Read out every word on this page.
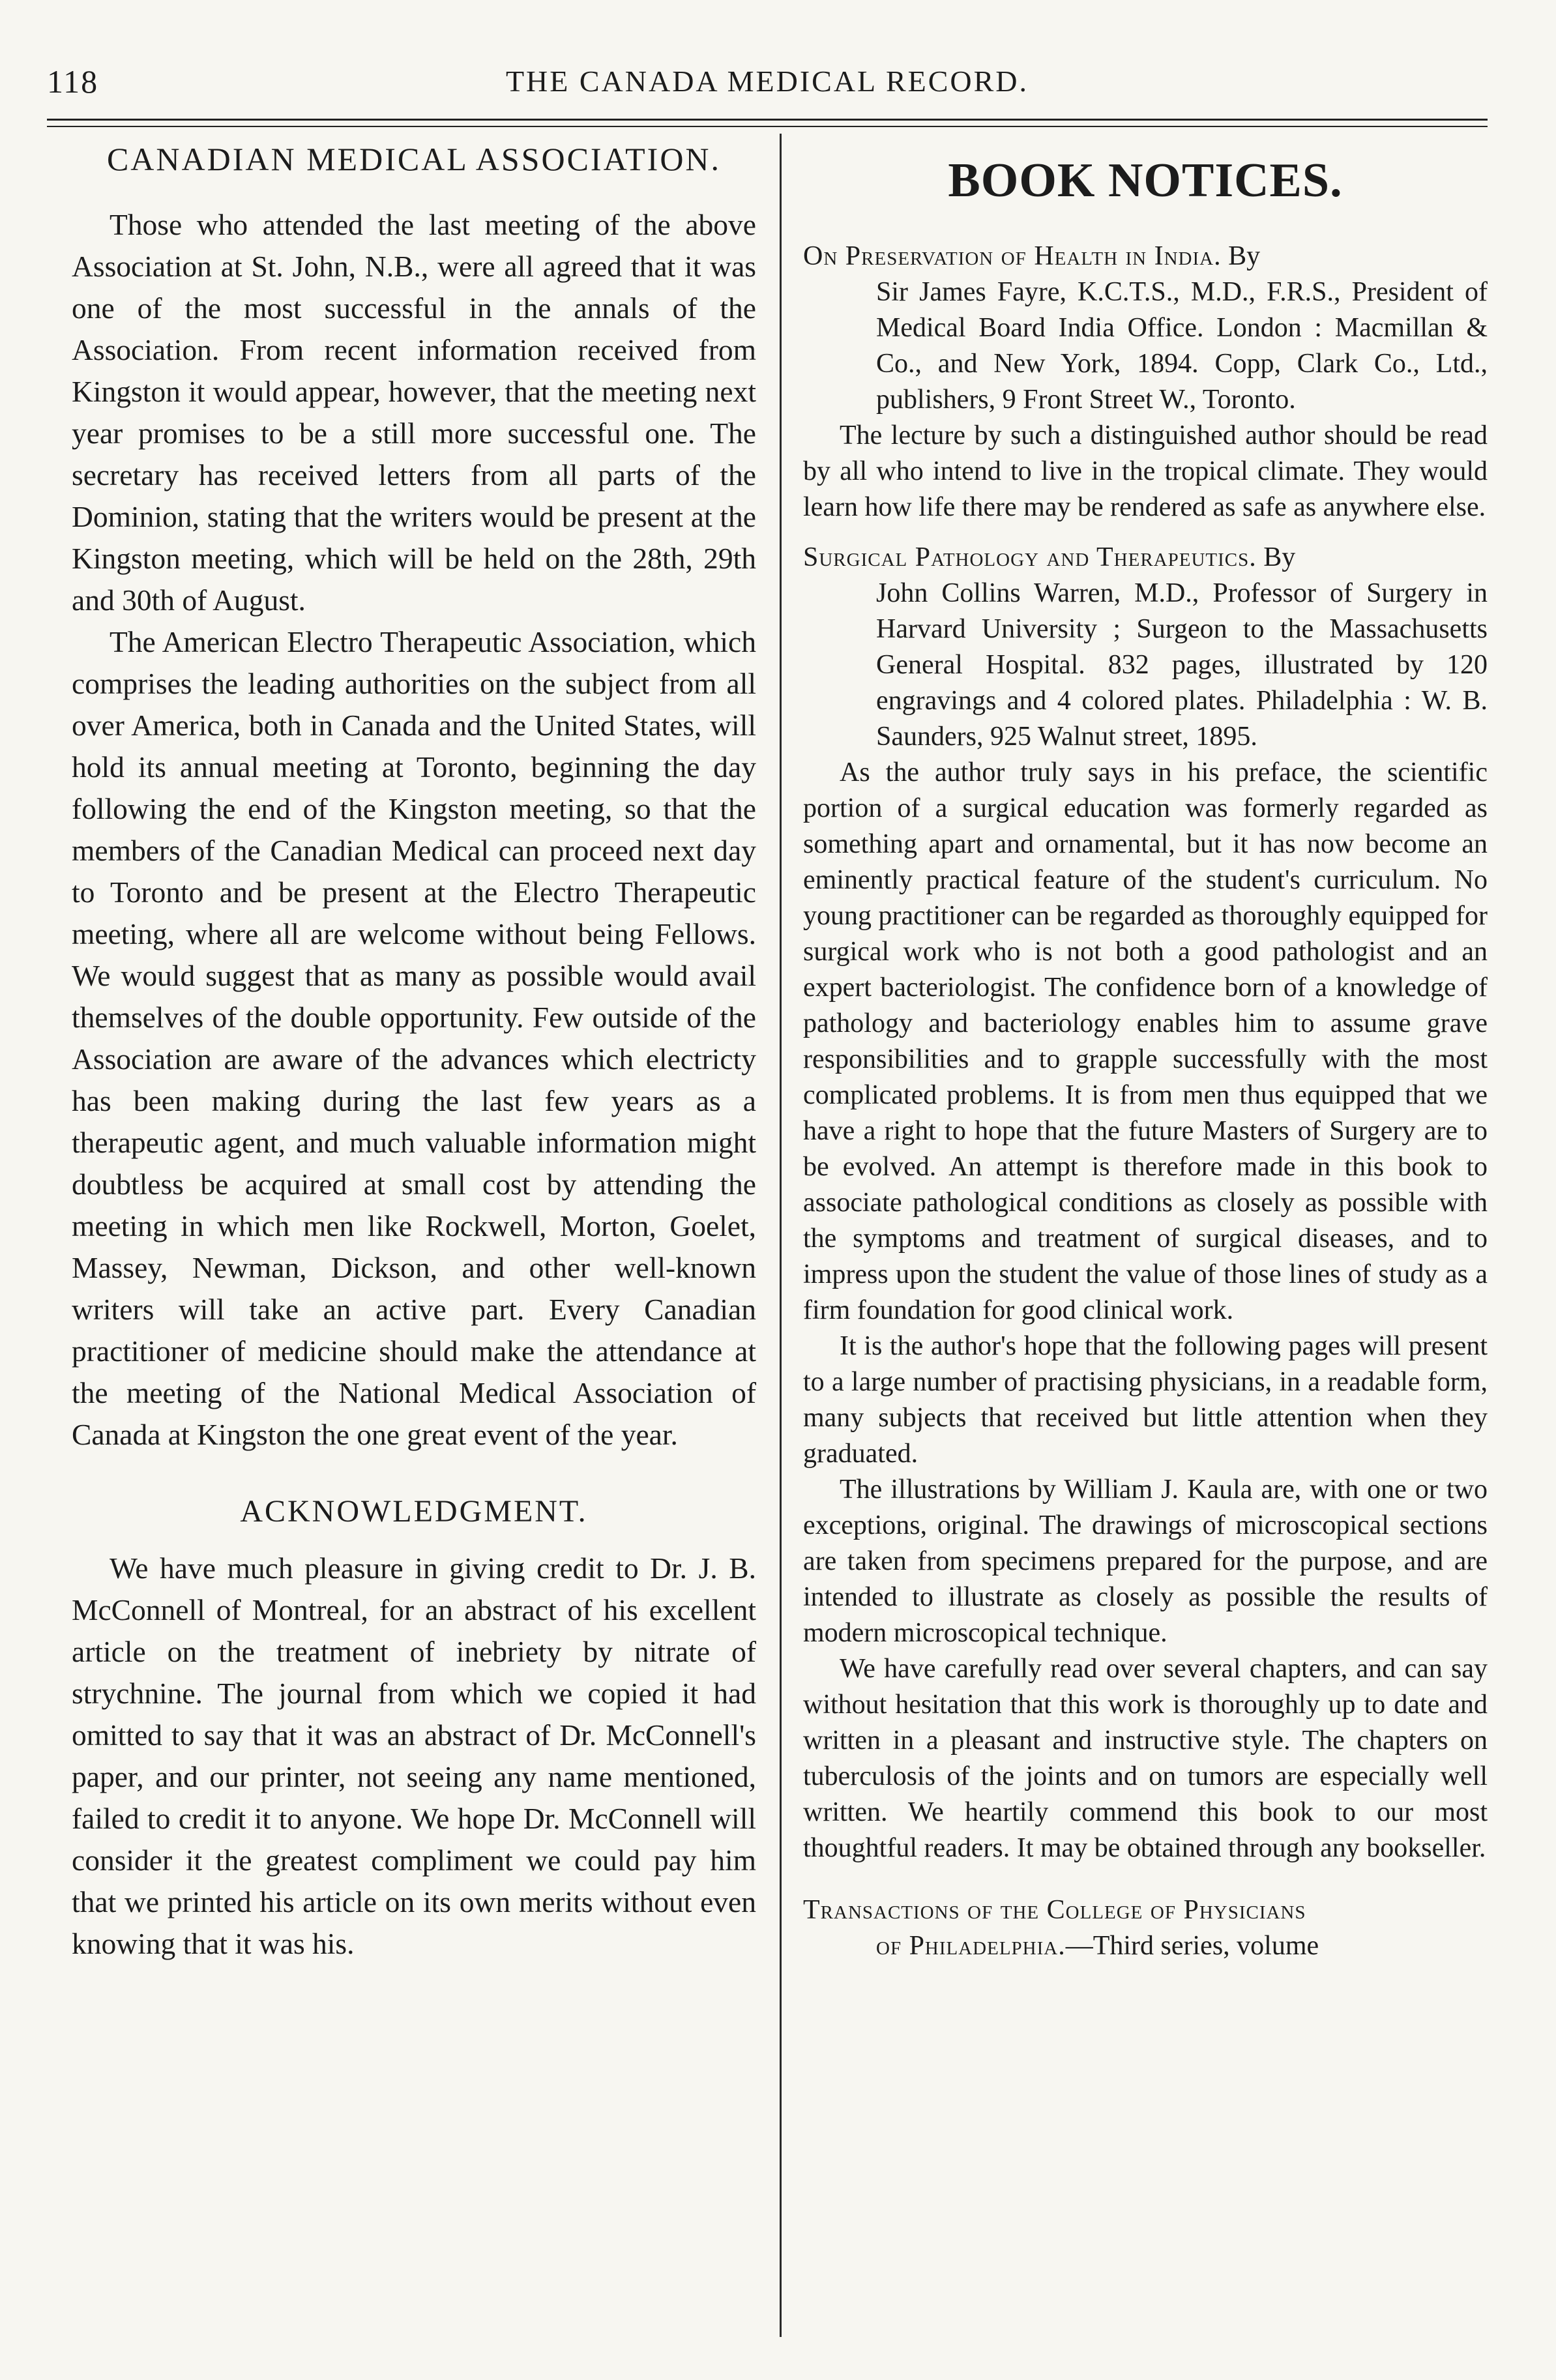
118	THE CANADA MEDICAL RECORD.
CANADIAN MEDICAL ASSOCIATION.

Those who attended the last meeting of the above Association at St. John, N.B., were all agreed that it was one of the most successful in the annals of the Association. From recent information received from Kingston it would appear, however, that the meeting next year promises to be a still more successful one. The secretary has received letters from all parts of the Dominion, stating that the writers would be present at the Kingston meeting, which will be held on the 28th, 29th and 30th of August.

The American Electro Therapeutic Association, which comprises the leading authorities on the subject from all over America, both in Canada and the United States, will hold its annual meeting at Toronto, beginning the day following the end of the Kingston meeting, so that the members of the Canadian Medical can proceed next day to Toronto and be present at the Electro Therapeutic meeting, where all are welcome without being Fellows. We would suggest that as many as possible would avail themselves of the double opportunity. Few outside of the Association are aware of the advances which electricty has been making during the last few years as a therapeutic agent, and much valuable information might doubtless be acquired at small cost by attending the meeting in which men like Rockwell, Morton, Goelet, Massey, Newman, Dickson, and other well-known writers will take an active part. Every Canadian practitioner of medicine should make the attendance at the meeting of the National Medical Association of Canada at Kingston the one great event of the year.

ACKNOWLEDGMENT.

We have much pleasure in giving credit to Dr. J. B. McConnell of Montreal, for an abstract of his excellent article on the treatment of inebriety by nitrate of strychnine. The journal from which we copied it had omitted to say that it was an abstract of Dr. McConnell's paper, and our printer, not seeing any name mentioned, failed to credit it to anyone. We hope Dr. McConnell will consider it the greatest compliment we could pay him that we printed his article on its own merits without even knowing that it was his.

BOOK NOTICES.
On Preservation of Health in India. By
Sir James Fayre, K.C.T.S., M.D., F.R.S., President of Medical Board India Office. London : Macmillan & Co., and New York, 1894. Copp, Clark Co., Ltd., publishers, 9 Front Street W., Toronto.

The lecture by such a distinguished author should be read by all who intend to live in the tropical climate. They would learn how life there may be rendered as safe as anywhere else.

Surgical Pathology and Therapeutics. By
John Collins Warren, M.D., Professor of Surgery in Harvard University ; Surgeon to the Massachusetts General Hospital. 832 pages, illustrated by 120 engravings and 4 colored plates. Philadelphia : W. B. Saunders, 925 Walnut street, 1895.

As the author truly says in his preface, the scientific portion of a surgical education was formerly regarded as something apart and ornamental, but it has now become an eminently practical feature of the student's curriculum. No young practitioner can be regarded as thoroughly equipped for surgical work who is not both a good pathologist and an expert bacteriologist. The confidence born of a knowledge of pathology and bacteriology enables him to assume grave responsibilities and to grapple successfully with the most complicated problems. It is from men thus equipped that we have a right to hope that the future Masters of Surgery are to be evolved. An attempt is therefore made in this book to associate pathological conditions as closely as possible with the symptoms and treatment of surgical diseases, and to impress upon the student the value of those lines of study as a firm foundation for good clinical work.

It is the author's hope that the following pages will present to a large number of practising physicians, in a readable form, many subjects that received but little attention when they graduated.

The illustrations by William J. Kaula are, with one or two exceptions, original. The drawings of microscopical sections are taken from specimens prepared for the purpose, and are intended to illustrate as closely as possible the results of modern microscopical technique.

We have carefully read over several chapters, and can say without hesitation that this work is thoroughly up to date and written in a pleasant and instructive style. The chapters on tuberculosis of the joints and on tumors are especially well written. We heartily commend this book to our most thoughtful readers. It may be obtained through any bookseller.

Transactions of the College of Physicians
of Philadelphia.—Third series, volume
